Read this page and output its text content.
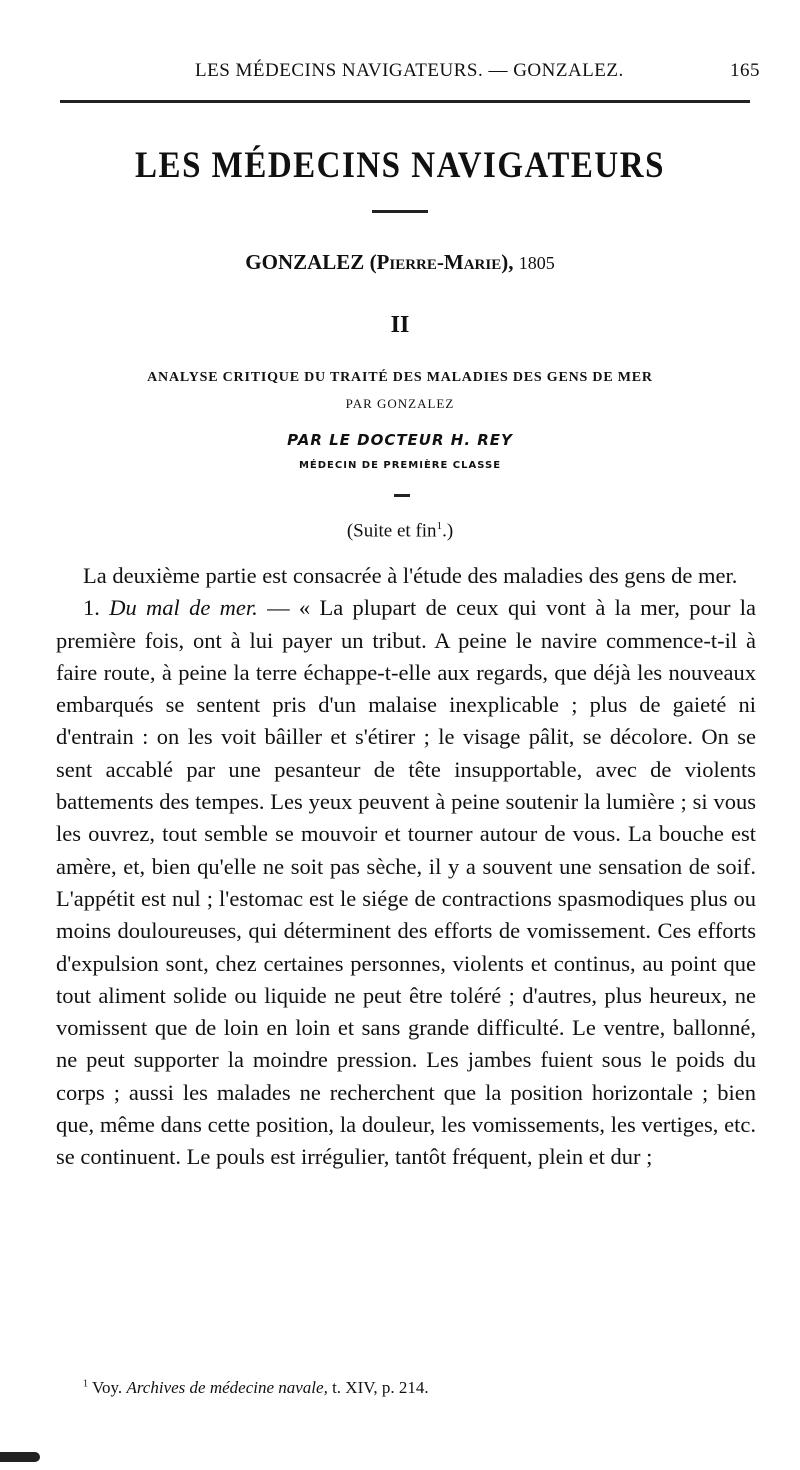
LES MÉDECINS NAVIGATEURS. — GONZALEZ.	165
LES MÉDECINS NAVIGATEURS
GONZALEZ (Pierre-Marie), 1805
II
ANALYSE CRITIQUE DU TRAITÉ DES MALADIES DES GENS DE MER
PAR GONZALEZ
PAR LE DOCTEUR H. REY
MÉDECIN DE PREMIÈRE CLASSE
(Suite et fin$^1$.)

La deuxième partie est consacrée à l'étude des maladies des gens de mer.

1. Du mal de mer. — « La plupart de ceux qui vont à la mer, pour la première fois, ont à lui payer un tribut. A peine le navire commence-t-il à faire route, à peine la terre échappe-t-elle aux regards, que déjà les nouveaux embarqués se sentent pris d'un malaise inexplicable ; plus de gaieté ni d'entrain : on les voit bâiller et s'étirer ; le visage pâlit, se décolore. On se sent accablé par une pesanteur de tête insupportable, avec de violents battements des tempes. Les yeux peuvent à peine soutenir la lumière ; si vous les ouvrez, tout semble se mouvoir et tourner autour de vous. La bouche est amère, et, bien qu'elle ne soit pas sèche, il y a souvent une sensation de soif. L'appétit est nul ; l'estomac est le siége de contractions spasmodiques plus ou moins douloureuses, qui déterminent des efforts de vomissement. Ces efforts d'expulsion sont, chez certaines personnes, violents et continus, au point que tout aliment solide ou liquide ne peut être toléré ; d'autres, plus heureux, ne vomissent que de loin en loin et sans grande difficulté. Le ventre, ballonné, ne peut supporter la moindre pression. Les jambes fuient sous le poids du corps ; aussi les malades ne recherchent que la position horizontale ; bien que, même dans cette position, la douleur, les vomissements, les vertiges, etc. se continuent. Le pouls est irrégulier, tantôt fréquent, plein et dur ;

$^1$ Voy. Archives de médecine navale, t. XIV, p. 214.
